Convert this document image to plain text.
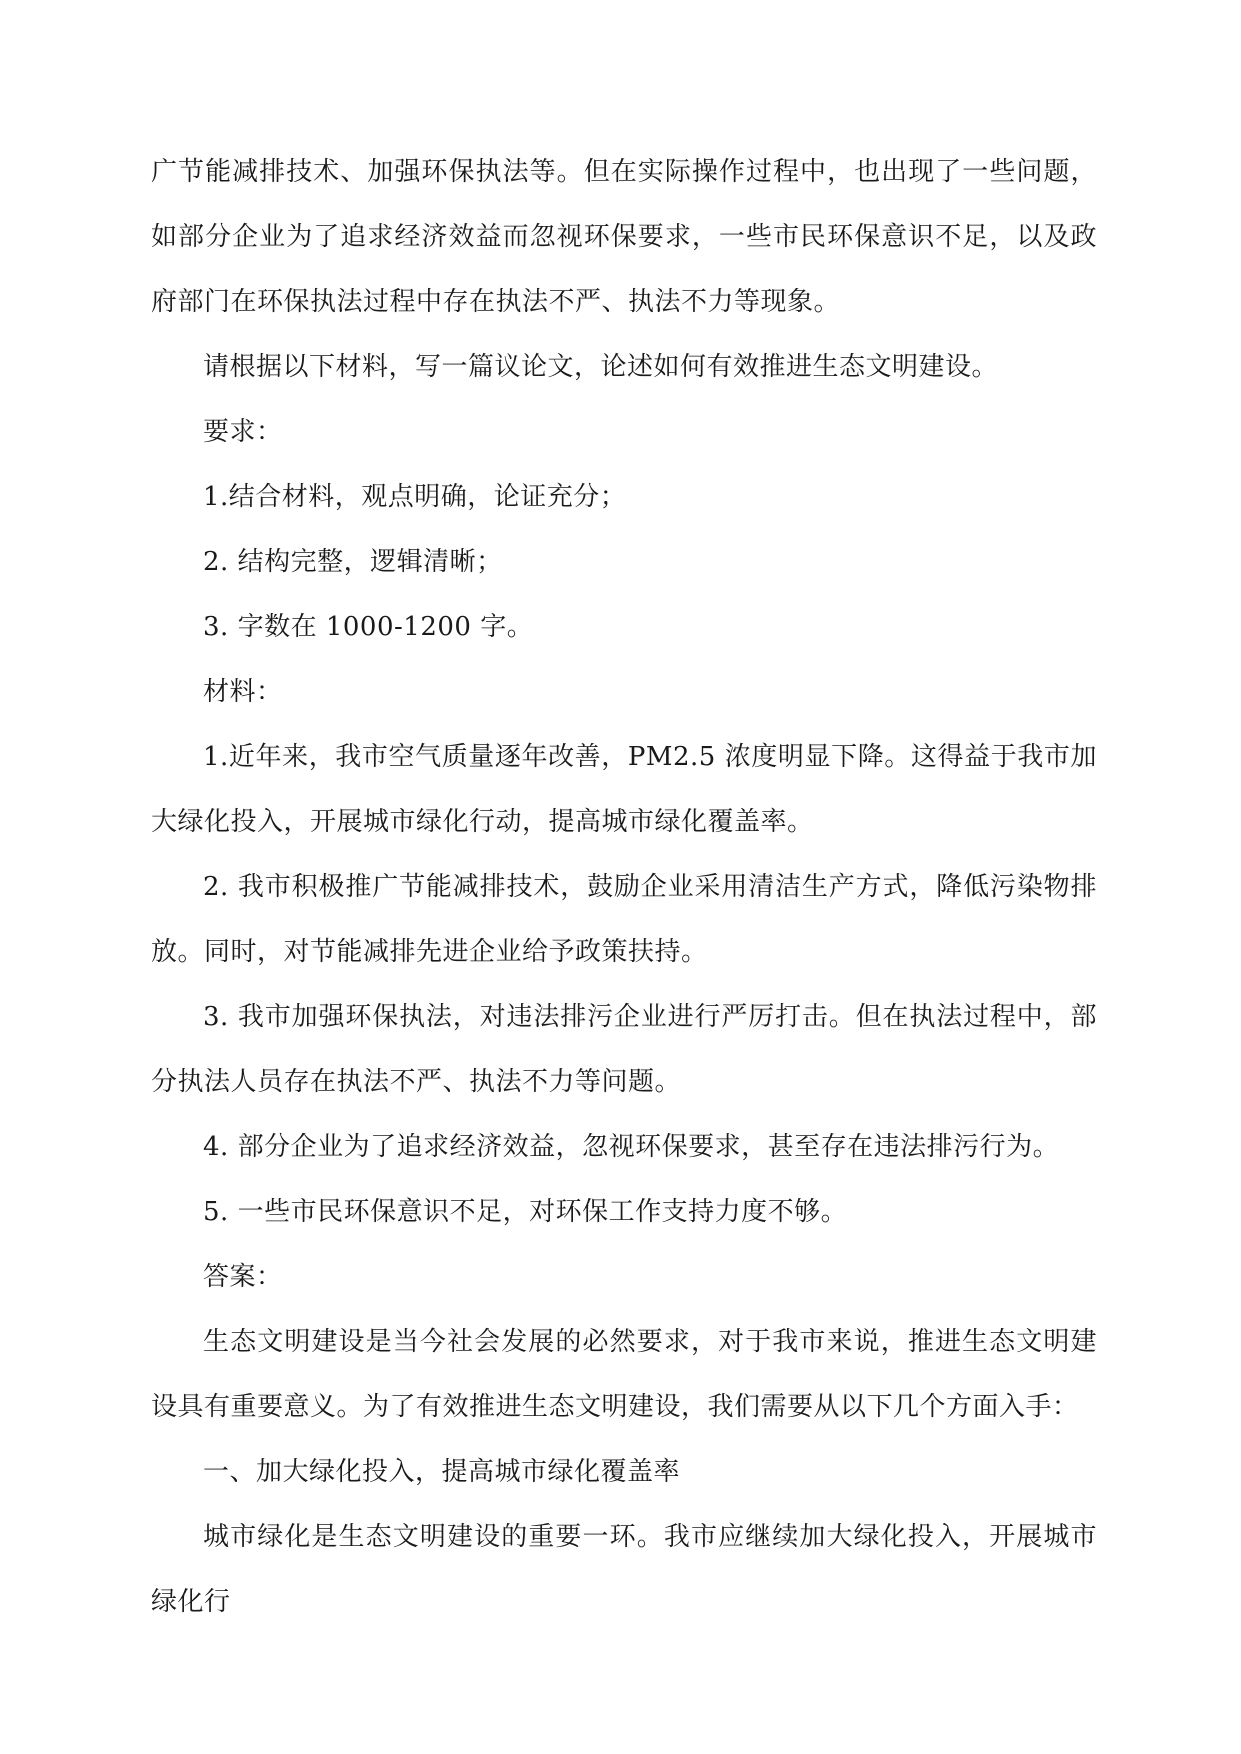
广节能减排技术、加强环保执法等。但在实际操作过程中，也出现了一些问题，如部分企业为了追求经济效益而忽视环保要求，一些市民环保意识不足，以及政府部门在环保执法过程中存在执法不严、执法不力等现象。

请根据以下材料，写一篇议论文，论述如何有效推进生态文明建设。

要求：

1.结合材料，观点明确，论证充分；

2. 结构完整，逻辑清晰；

3. 字数在 1000-1200 字。

材料：

1.近年来，我市空气质量逐年改善，PM2.5 浓度明显下降。这得益于我市加大绿化投入，开展城市绿化行动，提高城市绿化覆盖率。

2. 我市积极推广节能减排技术，鼓励企业采用清洁生产方式，降低污染物排放。同时，对节能减排先进企业给予政策扶持。

3. 我市加强环保执法，对违法排污企业进行严厉打击。但在执法过程中，部分执法人员存在执法不严、执法不力等问题。

4. 部分企业为了追求经济效益，忽视环保要求，甚至存在违法排污行为。

5. 一些市民环保意识不足，对环保工作支持力度不够。

答案：

生态文明建设是当今社会发展的必然要求，对于我市来说，推进生态文明建设具有重要意义。为了有效推进生态文明建设，我们需要从以下几个方面入手：

一、加大绿化投入，提高城市绿化覆盖率

城市绿化是生态文明建设的重要一环。我市应继续加大绿化投入，开展城市绿化行
